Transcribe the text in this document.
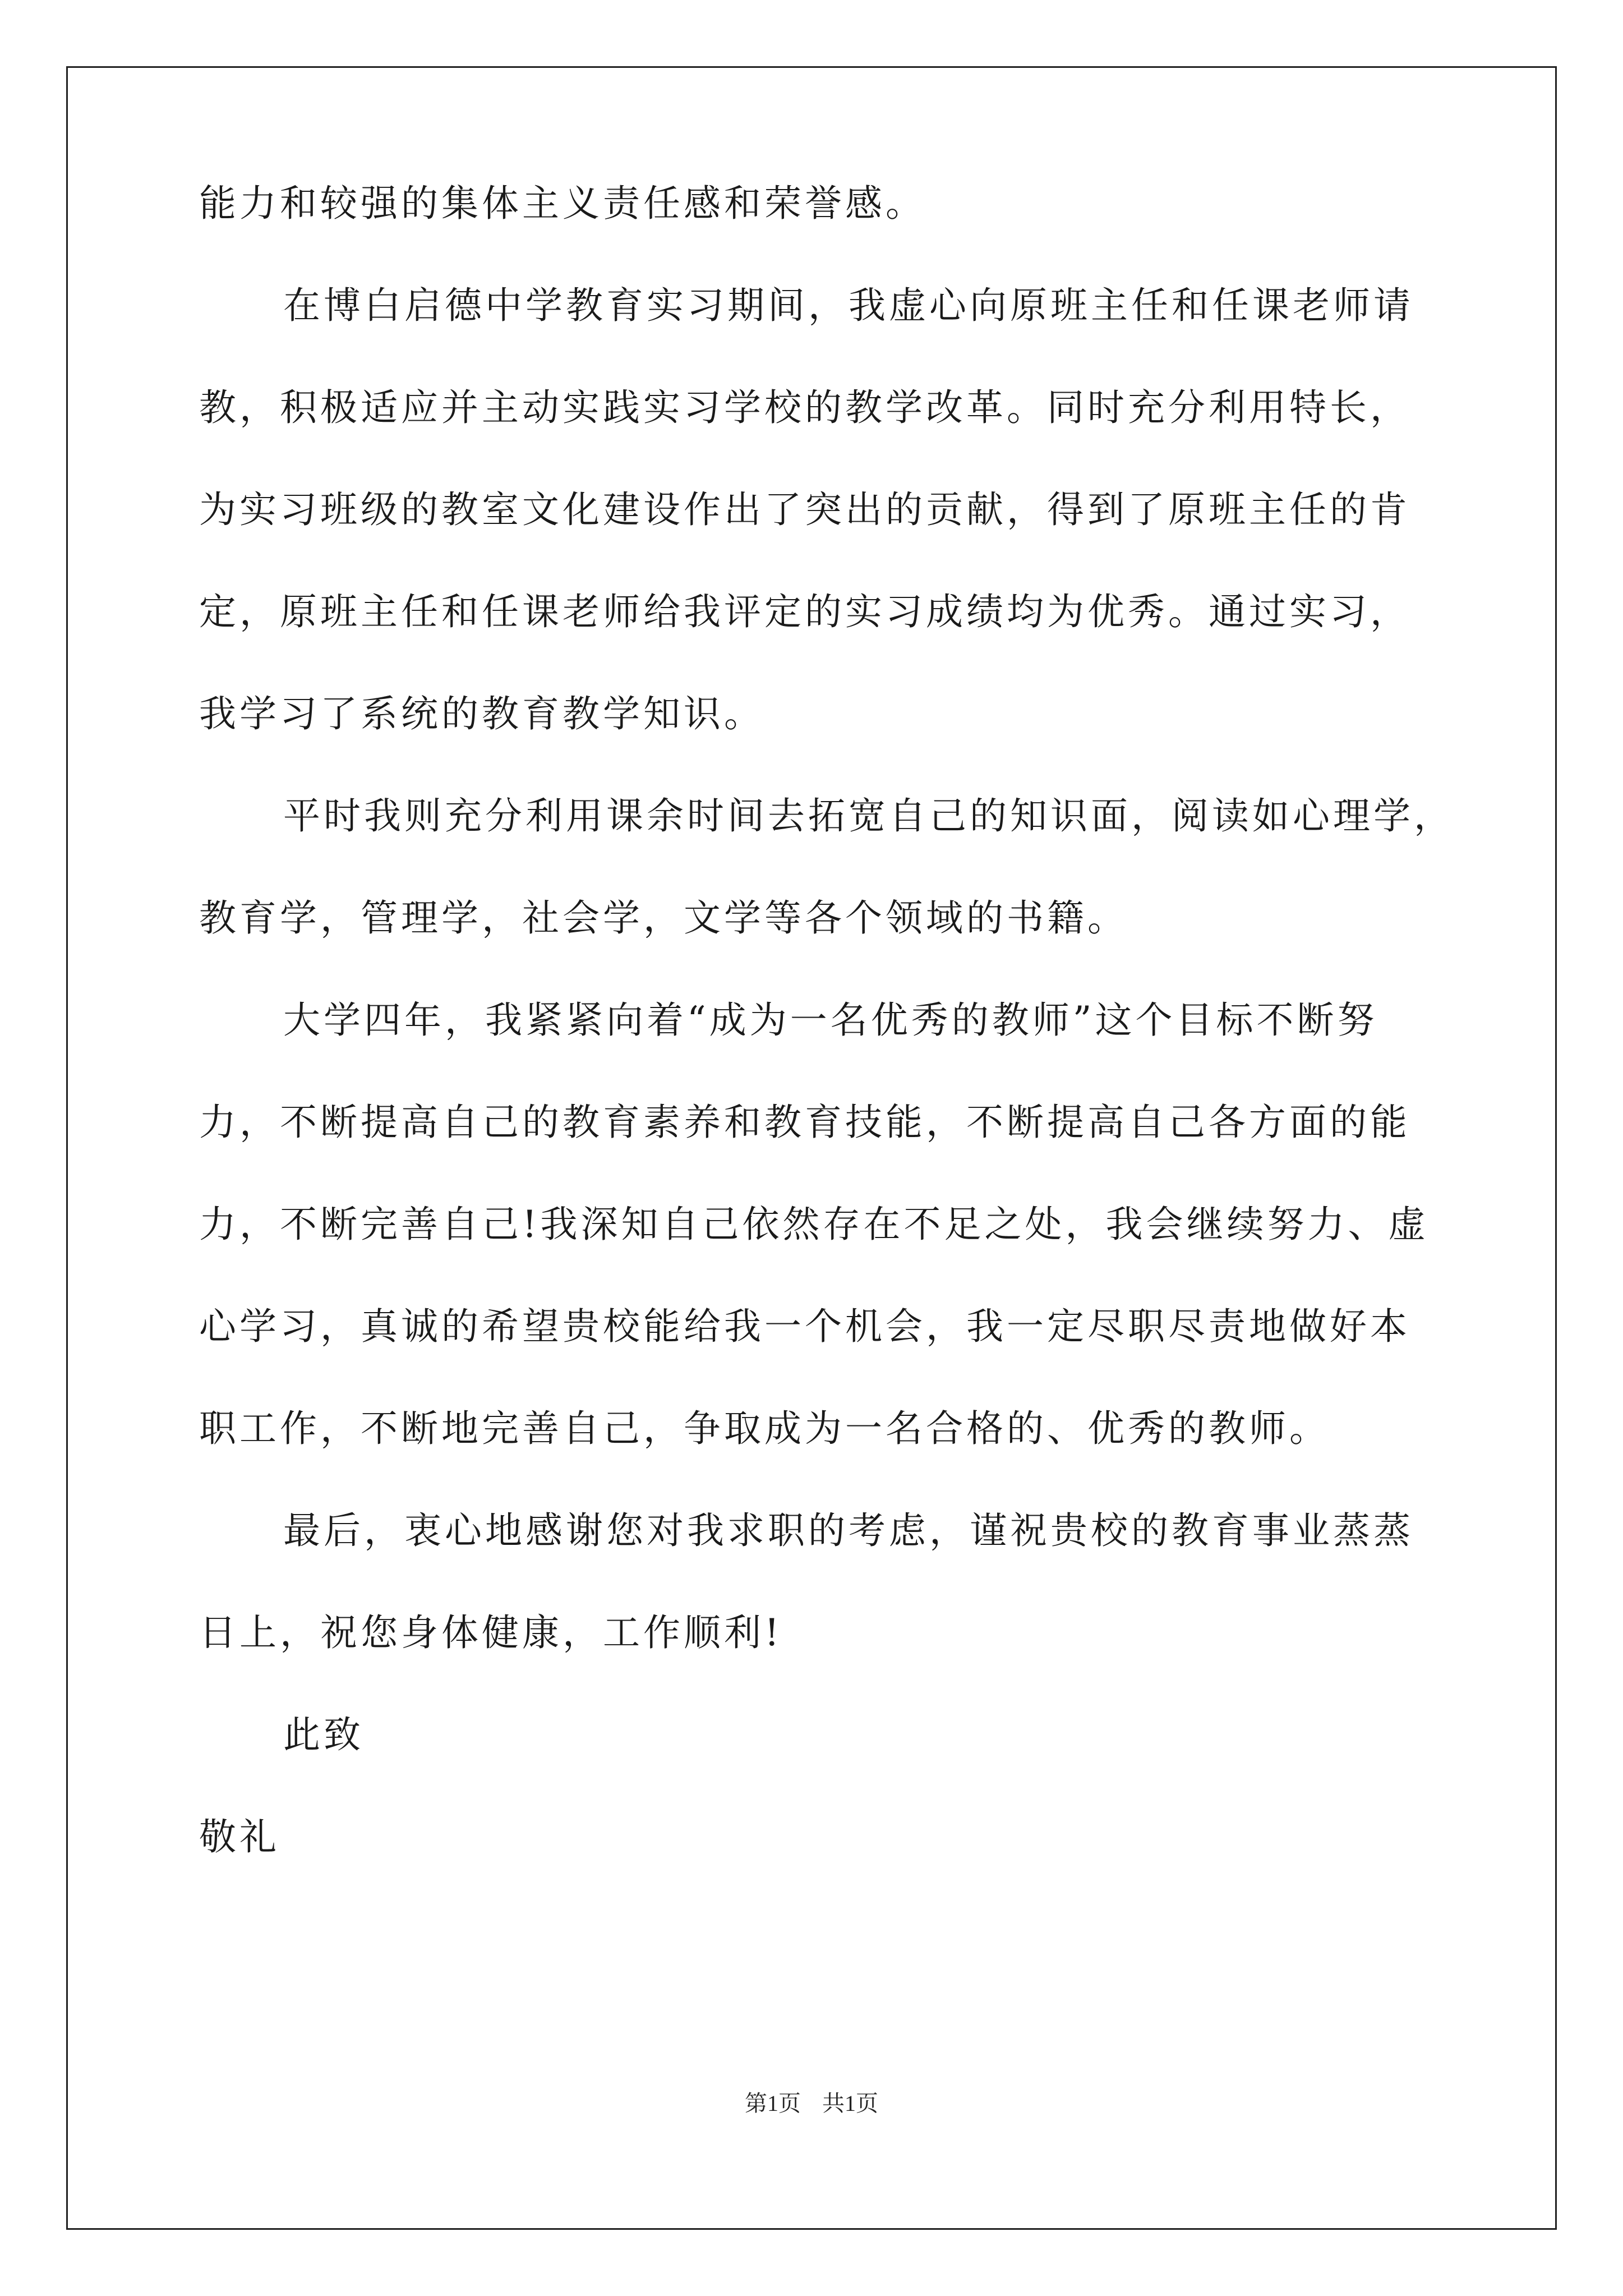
能力和较强的集体主义责任感和荣誉感。
在博白启德中学教育实习期间，我虚心向原班主任和任课老师请
教，积极适应并主动实践实习学校的教学改革。同时充分利用特长，
为实习班级的教室文化建设作出了突出的贡献，得到了原班主任的肯
定，原班主任和任课老师给我评定的实习成绩均为优秀。通过实习，
我学习了系统的教育教学知识。
平时我则充分利用课余时间去拓宽自己的知识面，阅读如心理学，
教育学，管理学，社会学，文学等各个领域的书籍。
大学四年，我紧紧向着“成为一名优秀的教师”这个目标不断努
力，不断提高自己的教育素养和教育技能，不断提高自己各方面的能
力，不断完善自己!我深知自己依然存在不足之处，我会继续努力、虚
心学习，真诚的希望贵校能给我一个机会，我一定尽职尽责地做好本
职工作，不断地完善自己，争取成为一名合格的、优秀的教师。
最后，衷心地感谢您对我求职的考虑，谨祝贵校的教育事业蒸蒸
日上，祝您身体健康，工作顺利!
此致
敬礼
第1页 共1页
